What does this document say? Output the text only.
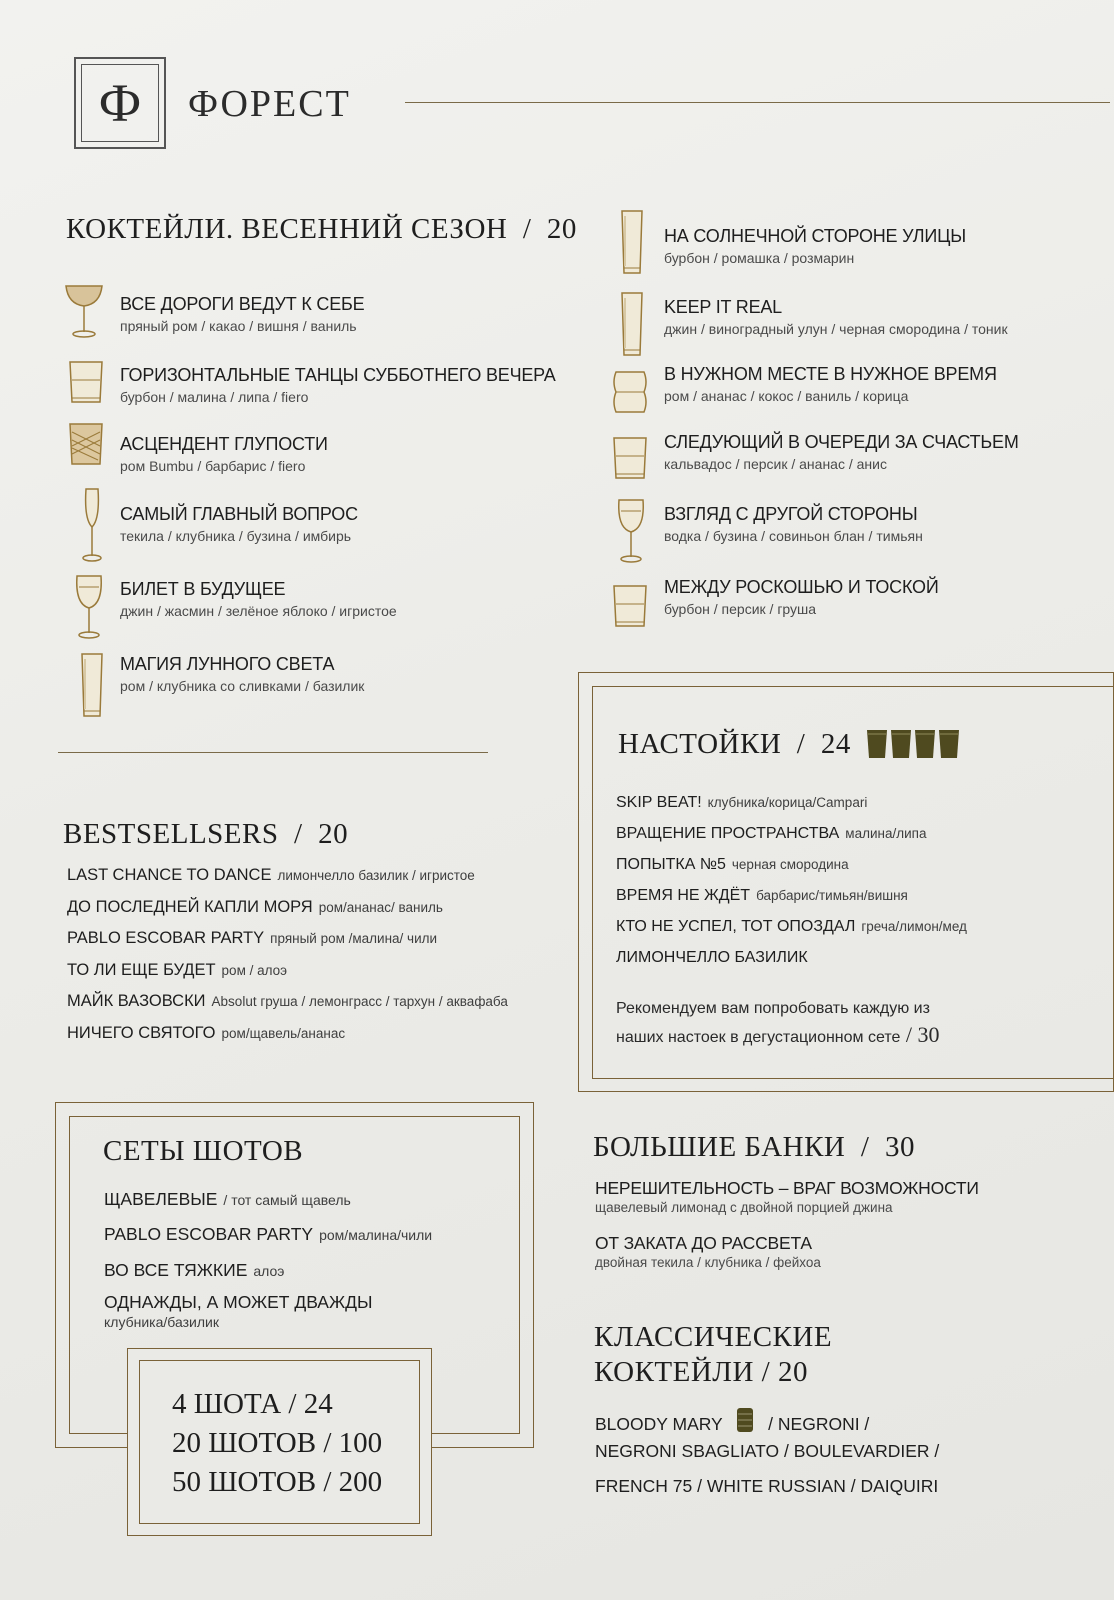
Ф	ФОРЕСТ
КОКТЕЙЛИ. ВЕСЕННИЙ СЕЗОН  /  20
ВСЕ ДОРОГИ ВЕДУТ К СЕБЕ
пряный ром / какао / вишня / ваниль
ГОРИЗОНТАЛЬНЫЕ ТАНЦЫ СУББОТНЕГО ВЕЧЕРА
бурбон / малина / липа / fiero
АСЦЕНДЕНТ ГЛУПОСТИ
ром Bumbu / барбарис / fiero
САМЫЙ ГЛАВНЫЙ ВОПРОС
текила / клубника / бузина / имбирь
БИЛЕТ В БУДУЩЕЕ
джин / жасмин / зелёное яблоко / игристое
МАГИЯ ЛУННОГО СВЕТА
ром / клубника со сливками / базилик
НА СОЛНЕЧНОЙ СТОРОНЕ УЛИЦЫ
бурбон / ромашка / розмарин
KEEP IT REAL
джин / виноградный улун / черная смородина / тоник
В НУЖНОМ МЕСТЕ В НУЖНОЕ ВРЕМЯ
ром / ананас / кокос / ваниль / корица
СЛЕДУЮЩИЙ В ОЧЕРЕДИ ЗА СЧАСТЬЕМ
кальвадос / персик / ананас / анис
ВЗГЛЯД С ДРУГОЙ СТОРОНЫ
водка / бузина / совиньон блан / тимьян
МЕЖДУ РОСКОШЬЮ И ТОСКОЙ
бурбон / персик / груша
BESTSELLSERS  /  20
LAST CHANCE TO DANCE лимончелло базилик / игристое
ДО ПОСЛЕДНЕЙ КАПЛИ МОРЯ ром/ананас/ ваниль
PABLO ESCOBAR PARTY пряный ром /малина/ чили
ТО ЛИ ЕЩЕ БУДЕТ ром / алоэ
МАЙК ВАЗОВСКИ Absolut груша / лемонграсс / тархун / аквафаба
НИЧЕГО СВЯТОГО ром/щавель/ананас
НАСТОЙКИ  /  24
SKIP BEAT! клубника/корица/Campari
ВРАЩЕНИЕ ПРОСТРАНСТВА малина/липа
ПОПЫТКА №5 черная смородина
ВРЕМЯ НЕ ЖДЁТ барбарис/тимьян/вишня
КТО НЕ УСПЕЛ, ТОТ ОПОЗДАЛ греча/лимон/мед
ЛИМОНЧЕЛЛО БАЗИЛИК
Рекомендуем вам попробовать каждую из
наших настоек в дегустационном сете / 30
СЕТЫ ШОТОВ
ЩАВЕЛЕВЫЕ / тот самый щавель
PABLO ESCOBAR PARTY ром/малина/чили
ВО ВСЕ ТЯЖКИЕ алоэ
ОДНАЖДЫ, А МОЖЕТ ДВАЖДЫ
клубника/базилик
4 ШОТА / 24
20 ШОТОВ / 100
50 ШОТОВ / 200
БОЛЬШИЕ БАНКИ  /  30
НЕРЕШИТЕЛЬНОСТЬ – ВРАГ ВОЗМОЖНОСТИ
щавелевый лимонад с двойной порцией джина
ОТ ЗАКАТА ДО РАССВЕТА
двойная текила / клубника / фейхоа
КЛАССИЧЕСКИЕ
КОКТЕЙЛИ / 20
BLOODY MARY	/ NEGRONI /
NEGRONI SBAGLIATO / BOULEVARDIER /
FRENCH 75 / WHITE RUSSIAN / DAIQUIRI
